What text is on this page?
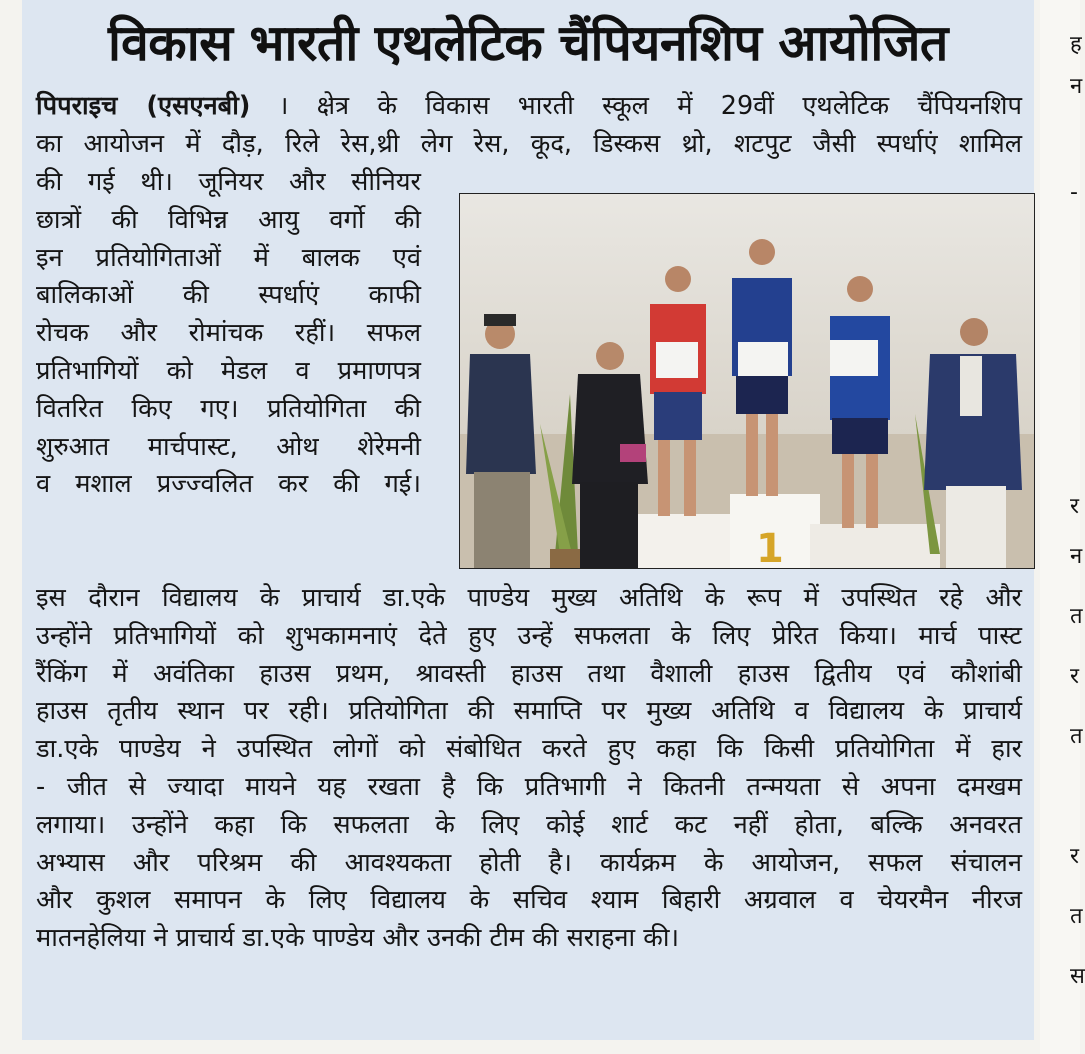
विकास भारती एथलेटिक चैंपियनशिप आयोजित
पिपराइच (एसएनबी) । क्षेत्र के विकास भारती स्कूल में 29वीं एथलेटिक चैंपियनशिप
का आयोजन में दौड़, रिले रेस,थ्री लेग रेस, कूद, डिस्कस थ्रो, शटपुट जैसी स्पर्धाएं शामिल
की गई थी। जूनियर और सीनियर
छात्रों की विभिन्न आयु वर्गो की
इन प्रतियोगिताओं में बालक एवं
बालिकाओं की स्पर्धाएं काफी
रोचक और रोमांचक रहीं। सफल
प्रतिभागियों को मेडल व प्रमाणपत्र
वितरित किए गए। प्रतियोगिता की
शुरुआत मार्चपास्ट, ओथ शेरेमनी
व मशाल प्रज्ज्वलित कर की गई।
1
इस दौरान विद्यालय के प्राचार्य डा.एके पाण्डेय मुख्य अतिथि के रूप में उपस्थित रहे और
उन्होंने प्रतिभागियों को शुभकामनाएं देते हुए उन्हें सफलता के लिए प्रेरित किया। मार्च पास्ट
रैंकिंग में अवंतिका हाउस प्रथम, श्रावस्ती हाउस तथा वैशाली हाउस द्वितीय एवं कौशांबी
हाउस तृतीय स्थान पर रही। प्रतियोगिता की समाप्ति पर मुख्य अतिथि व विद्यालय के प्राचार्य
डा.एके पाण्डेय ने उपस्थित लोगों को संबोधित करते हुए कहा कि किसी प्रतियोगिता में हार
- जीत से ज्यादा मायने यह रखता है कि प्रतिभागी ने कितनी तन्मयता से अपना दमखम
लगाया। उन्होंने कहा कि सफलता के लिए कोई शार्ट कट नहीं होता, बल्कि अनवरत
अभ्यास और परिश्रम की आवश्यकता होती है। कार्यक्रम के आयोजन, सफल संचालन
और कुशल समापन के लिए विद्यालय के सचिव श्याम बिहारी अग्रवाल व चेयरमैन नीरज
मातनहेलिया ने प्राचार्य डा.एके पाण्डेय और उनकी टीम की सराहना की।
ह
न
-
र
न
त
र
त
र
त
स
